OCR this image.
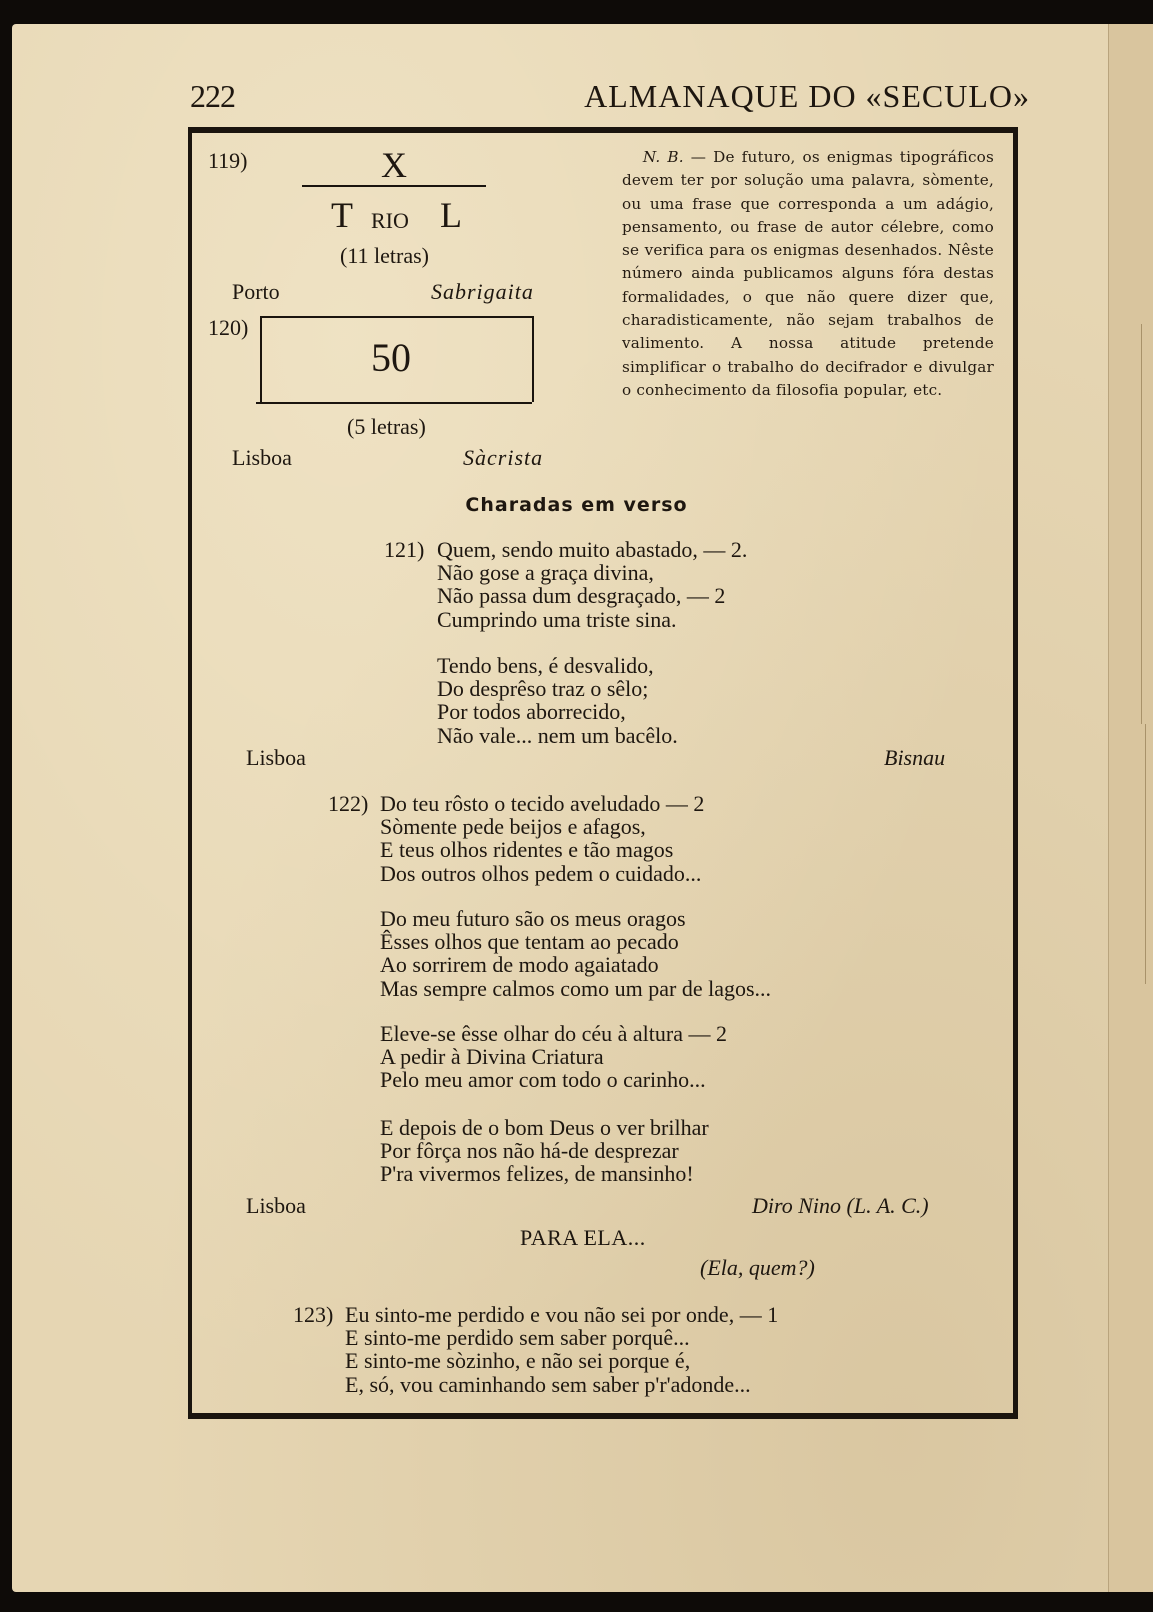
222	ALMANAQUE DO «SECULO»
119)	X
T RIO L
(11 letras)
Porto	Sabrigaita
120)
50
(5 letras)
Lisboa	Sàcrista
N. B. — De futuro, os enigmas tipográficos devem ter por solução uma palavra, sòmente, ou uma frase que corresponda a um adágio, pensamento, ou frase de autor célebre, como se verifica para os enigmas desenhados. Nêste número ainda publicamos alguns fóra destas formalidades, o que não quere dizer que, charadisticamente, não sejam trabalhos de valimento. A nossa atitude pretende simplificar o trabalho do decifrador e divulgar o conhecimento da filosofia popular, etc.
Charadas em verso
121) Quem, sendo muito abastado, — 2.
Não gose a graça divina,
Não passa dum desgraçado, — 2
Cumprindo uma triste sina.
Tendo bens, é desvalido,
Do desprêso traz o sêlo;
Por todos aborrecido,
Não vale... nem um bacêlo.
Lisboa	Bisnau
122) Do teu rôsto o tecido aveludado — 2
Sòmente pede beijos e afagos,
E teus olhos ridentes e tão magos
Dos outros olhos pedem o cuidado...
Do meu futuro são os meus oragos
Êsses olhos que tentam ao pecado
Ao sorrirem de modo agaiatado
Mas sempre calmos como um par de lagos...
Eleve-se êsse olhar do céu à altura — 2
A pedir à Divina Criatura
Pelo meu amor com todo o carinho...
E depois de o bom Deus o ver brilhar
Por fôrça nos não há-de desprezar
P'ra vivermos felizes, de mansinho!
Lisboa	Diro Nino (L. A. C.)
PARA ELA...
(Ela, quem?)
123) Eu sinto-me perdido e vou não sei por onde, — 1
E sinto-me perdido sem saber porquê...
E sinto-me sòzinho, e não sei porque é,
E, só, vou caminhando sem saber p'r'adonde...
